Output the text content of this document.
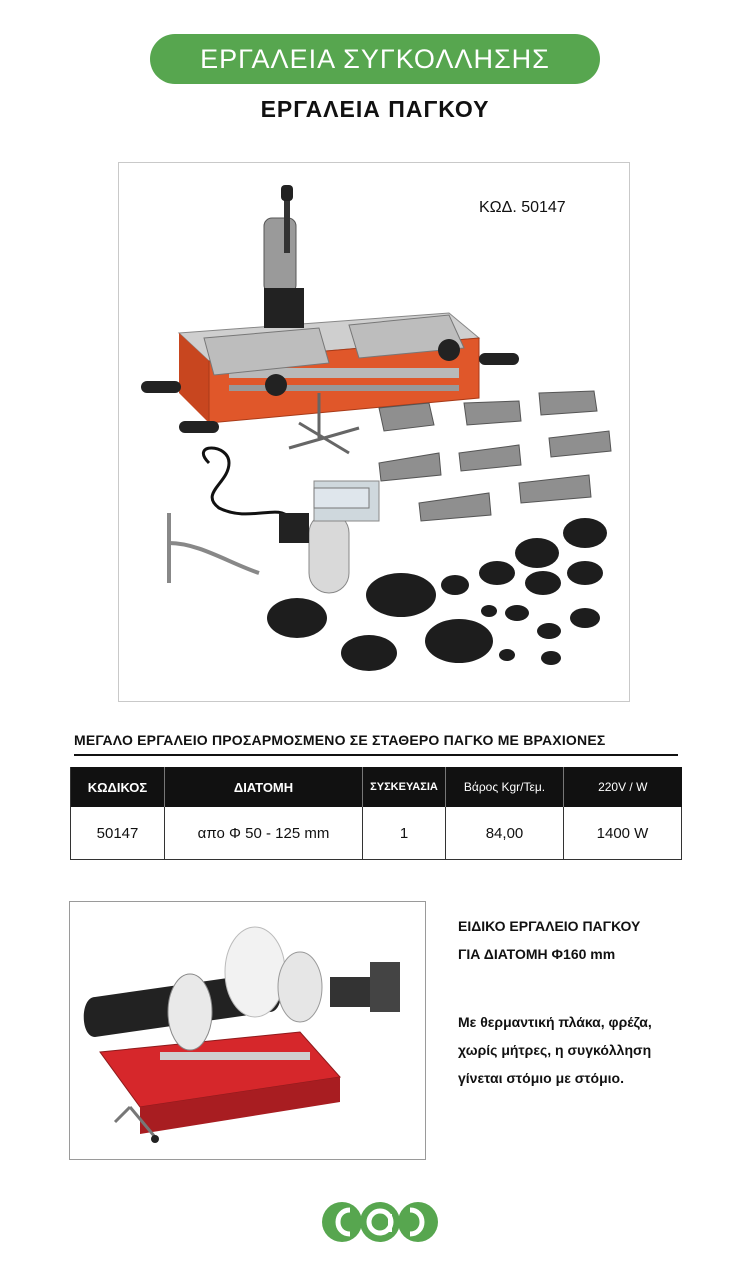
ΕΡΓΑΛΕΙΑ ΣΥΓΚΟΛΛΗΣΗΣ
ΕΡΓΑΛΕΙΑ ΠΑΓΚΟΥ
ΚΩΔ. 50147
ΜΕΓΑΛΟ ΕΡΓΑΛΕΙΟ ΠΡΟΣΑΡΜΟΣΜΕΝΟ ΣΕ ΣΤΑΘΕΡΟ ΠΑΓΚΟ ΜΕ ΒΡΑΧΙΟΝΕΣ
ΚΩΔΙΚΟΣ	ΔΙΑΤΟΜΗ	ΣΥΣΚΕΥΑΣΙΑ	Βάρος Kgr/Τεμ.	220V / W
50147	απο Φ 50 - 125 mm	1	84,00	1400 W
ΕΙΔΙΚΟ ΕΡΓΑΛΕΙΟ ΠΑΓΚΟΥ
ΓΙΑ ΔΙΑΤΟΜΗ Φ160 mm
Με θερμαντική πλάκα, φρέζα,
χωρίς μήτρες, η συγκόλληση
γίνεται στόμιο με στόμιο.
